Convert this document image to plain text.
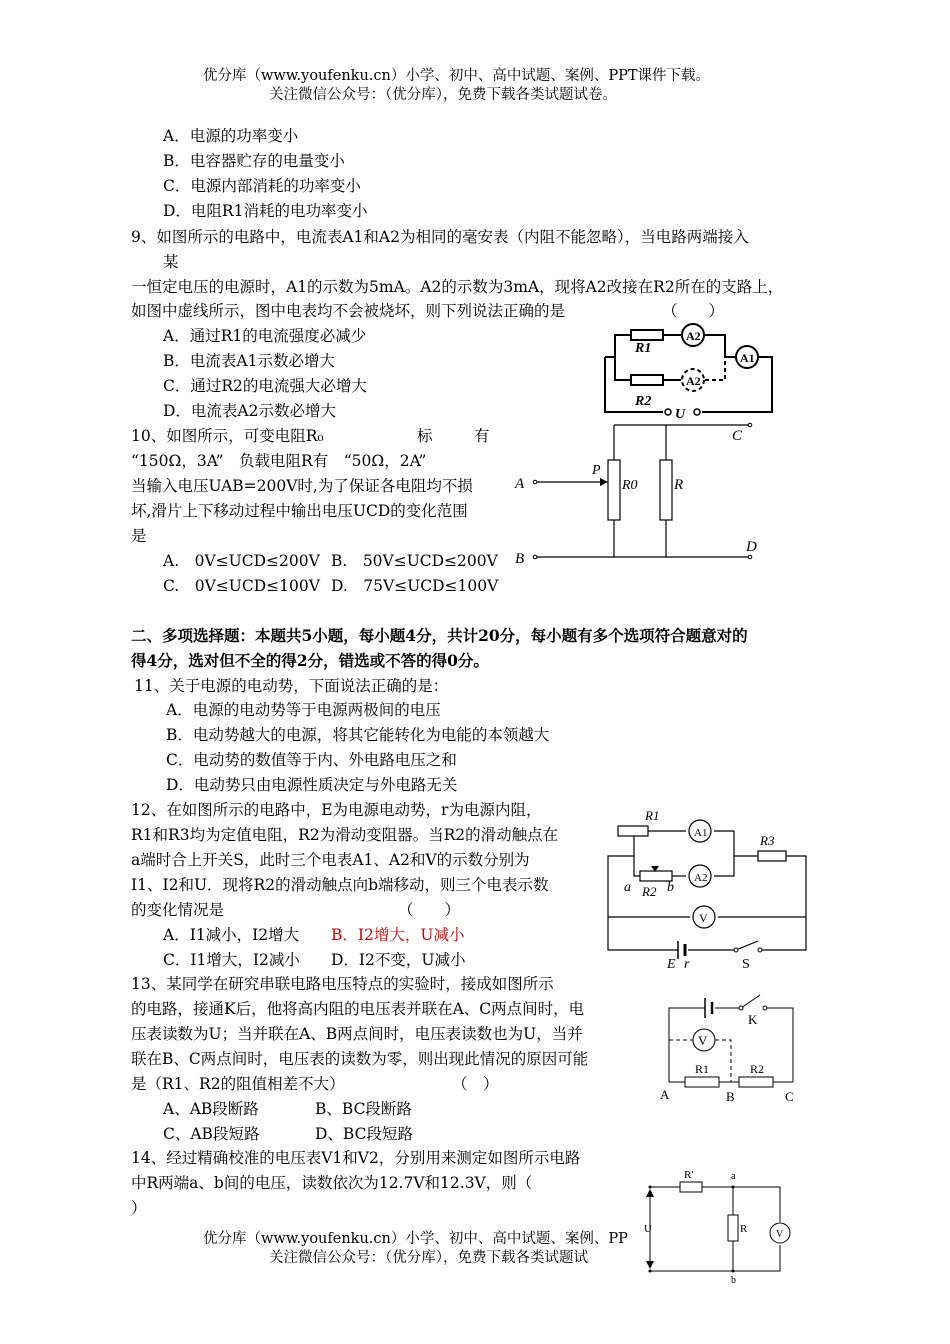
优分库（www.youfenku.cn）小学、初中、高中试题、案例、PPT课件下载。
关注微信公众号：（优分库），免费下载各类试题试卷。
A．电源的功率变小
B．电容器贮存的电量变小
C．电源内部消耗的功率变小
D．电阻R1消耗的电功率变小
9、如图所示的电路中，电流表A1和A2为相同的毫安表（内阻不能忽略），当电路两端接入
某
一恒定电压的电源时，A1的示数为5mA。A2的示数为3mA，现将A2改接在R2所在的支路上，
如图中虚线所示，图中电表均不会被烧坏，则下列说法正确的是	（　　）
A．通过R1的电流强度必减少
B．电流表A1示数必增大
C．通过R2的电流强大必增大
D．电流表A2示数必增大
R1
R2
A2
A2
A1
U
10、如图所示，可变电阻R₀	标	有
“150Ω，3A”　负载电阻R有　“50Ω，2A”
当输入电压UAB=200V时,为了保证各电阻均不损
坏,滑片上下移动过程中输出电压UCD的变化范围
是
A.　0V≤UCD≤200V B.　50V≤UCD≤200V
C.　0V≤UCD≤100V D.　75V≤UCD≤100V
A
B
C
D
P
R0 R
二、多项选择题：本题共5小题，每小题4分，共计20分，每小题有多个选项符合题意对的
得4分，选对但不全的得2分，错选或不答的得0分。
11、关于电源的电动势，下面说法正确的是：
A．电源的电动势等于电源两极间的电压
B．电动势越大的电源，将其它能转化为电能的本领越大
C．电动势的数值等于内、外电路电压之和
D．电动势只由电源性质决定与外电路无关
12、在如图所示的电路中，E为电源电动势，r为电源内阻，
R1和R3均为定值电阻，R2为滑动变阻器。当R2的滑动触点在
a端时合上开关S，此时三个电表A1、A2和V的示数分别为
I1、I2和U．现将R2的滑动触点向b端移动，则三个电表示数
的变化情况是	（　　）
A．I1减小，I2增大 B．I2增大，U减小
C．I1增大，I2减小 D．I2不变，U减小
R1
R3
R2
a	b
A1
A2
V
E r	S
13、某同学在研究串联电路电压特点的实验时，接成如图所示
的电路，接通K后，他将高内阻的电压表并联在A、C两点间时，电
压表读数为U；当并联在A、B两点间时，电压表读数也为U，当并
联在B、C两点间时，电压表的读数为零，则出现此情况的原因可能
是（R1、R2的阻值相差不大）	（　）
A、AB段断路	B、BC段断路
C、AB段短路	D、BC段短路
K
V
R1	R2
A	B	C
14、经过精确校准的电压表V1和V2，分别用来测定如图所示电路
中R两端a、b间的电压，读数依次为12.7V和12.3V，则（
）
R′	a
b
R	V
U
优分库（www.youfenku.cn）小学、初中、高中试题、案例、PP
关注微信公众号：（优分库），免费下载各类试题试
